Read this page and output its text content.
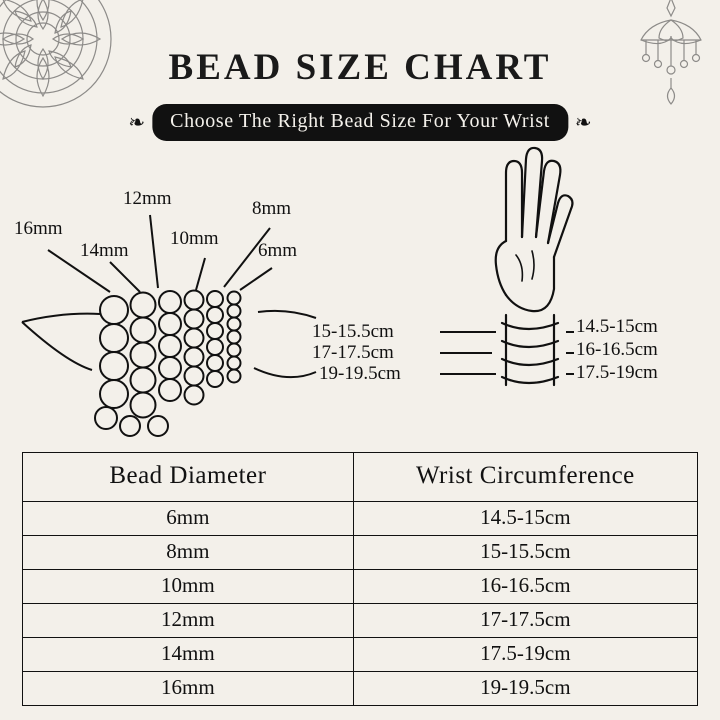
BEAD SIZE CHART
❧	Choose The Right Bead Size For Your Wrist	❧
16mm
14mm
12mm
10mm
8mm
6mm
15-15.5cm
17-17.5cm
19-19.5cm
14.5-15cm
16-16.5cm
17.5-19cm
Bead Diameter	Wrist Circumference
6mm	14.5-15cm
8mm	15-15.5cm
10mm	16-16.5cm
12mm	17-17.5cm
14mm	17.5-19cm
16mm	19-19.5cm
